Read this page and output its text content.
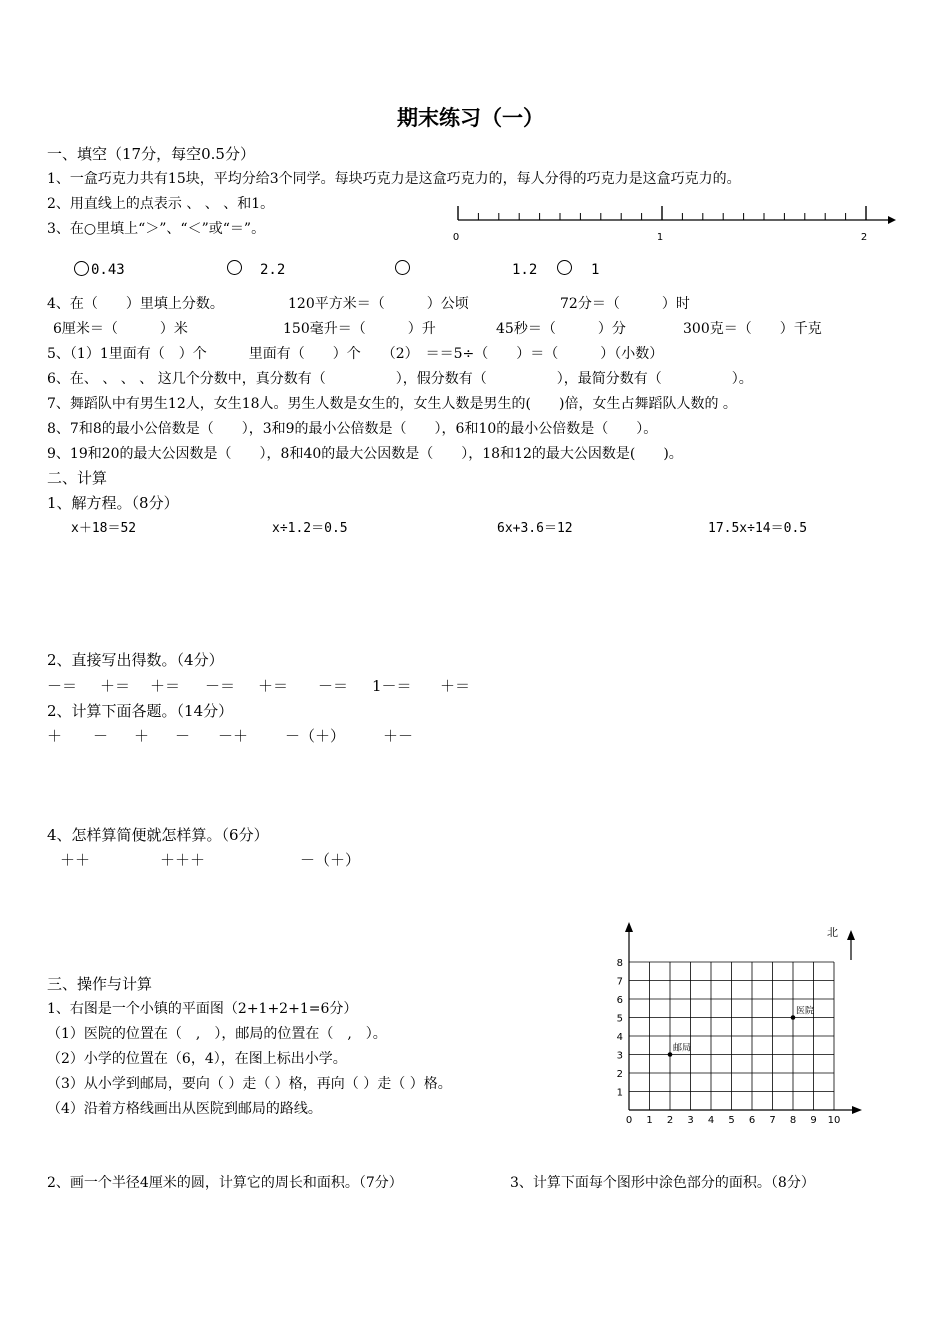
期末练习（一）
一、填空（17分，每空0.5分）
1、一盒巧克力共有15块，平均分给3个同学。每块巧克力是这盒巧克力的，每人分得的巧克力是这盒巧克力的。
2、用直线上的点表示 、 、 、和1。
3、在○里填上“＞”、“＜”或“＝”。
0	1	2
0.43	2.2	1.2	1
4、在（　　）里填上分数。	120平方米＝（　　　）公顷	72分＝（　　　）时
6厘米＝（　　　）米	150毫升＝（　　　）升	45秒＝（　　　）分	300克＝（　　）千克
5、（1）1里面有（　）个　　　里面有（　　）个　　（2）　＝＝5÷（　　）＝（　　　）（小数）
6、在、 、 、 、 这几个分数中，真分数有（　　　　　），假分数有（　　　　　），最简分数有（　　　　　）。
7、舞蹈队中有男生12人，女生18人。男生人数是女生的，女生人数是男生的(　　)倍，女生占舞蹈队人数的 。
8、7和8的最小公倍数是（　　），3和9的最小公倍数是（　　），6和10的最小公倍数是（　　）。
9、19和20的最大公因数是（　　），8和40的最大公因数是（　　），18和12的最大公因数是(　　)。
二、计算
1、解方程。（8分）
x＋18＝52	x÷1.2＝0.5	6x+3.6＝12	17.5x÷14＝0.5
2、直接写出得数。（4分）
－＝ ＋＝ ＋＝ －＝ ＋＝ －＝ 1－＝ ＋＝
2、计算下面各题。（14分）
＋ － ＋ － －＋ －（＋）	＋－
4、怎样算简便就怎样算。（6分）
＋＋	＋＋＋	－（＋）
三、操作与计算
1、右图是一个小镇的平面图（2+1+2+1=6分）
（1）医院的位置在（　,　），邮局的位置在（　,　）。
（2）小学的位置在（6，4），在图上标出小学。
（3）从小学到邮局，要向（ ）走（ ）格，再向（ ）走（ ）格。
（4）沿着方格线画出从医院到邮局的路线。
2、画一个半径4厘米的圆，计算它的周长和面积。（7分）	3、计算下面每个图形中涂色部分的面积。（8分）
北
0 1 2 3 4 5 6 7 8 9 10
1
2
3
4
5
6
7
8
医院
邮局
